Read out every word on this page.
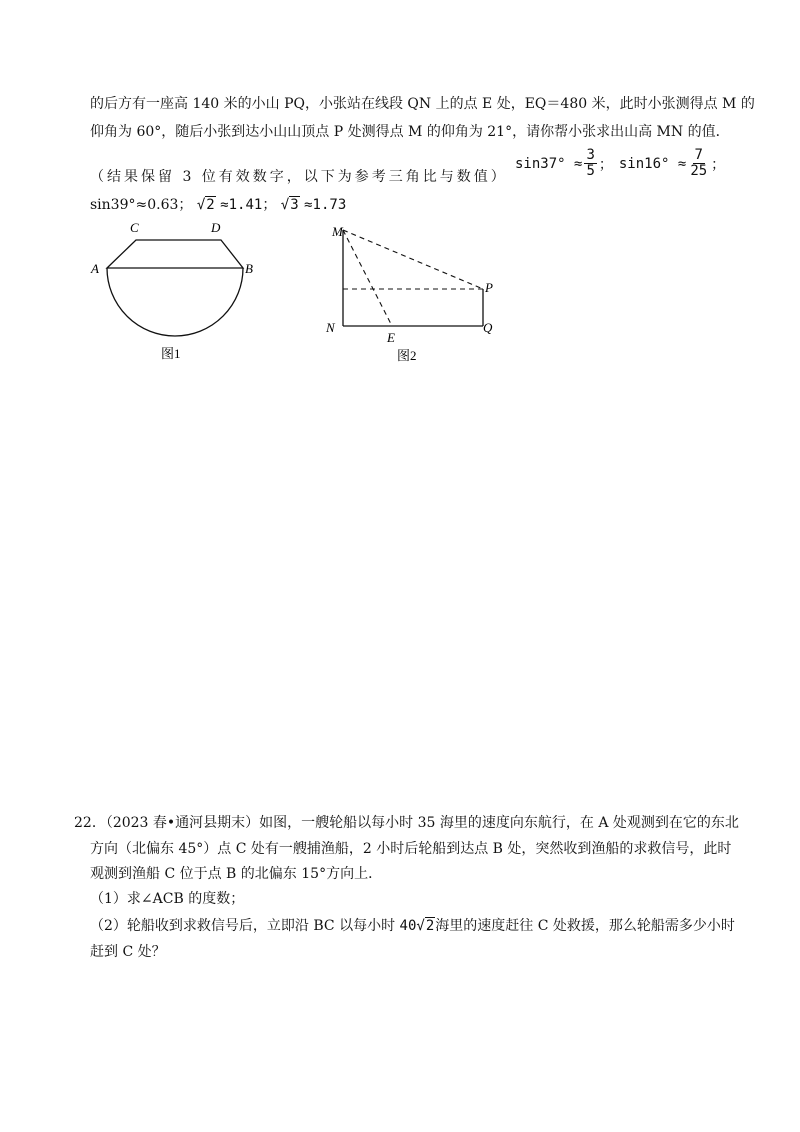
的后方有一座高 140 米的小山 PQ，小张站在线段 QN 上的点 E 处，EQ＝480 米，此时小张测得点 M 的
仰角为 60°，随后小张到达小山山顶点 P 处测得点 M 的仰角为 21°，请你帮小张求出山高 MN 的值．
（结果保留 3 位有效数字，以下为参考三角比与数值）
$\sin 37^\circ \approx \frac{3}{5}$ ； $\sin 16^\circ \approx \frac{7}{25}$ ；
sin39°≈0.63； √2 ≈1.41； √3 ≈1.73
C	D
A	B
图1
M
N
E
P
Q
图2
22．（2023 春•通河县期末）如图，一艘轮船以每小时 35 海里的速度向东航行，在 A 处观测到在它的东北
方向（北偏东 45°）点 C 处有一艘捕渔船，2 小时后轮船到达点 B 处，突然收到渔船的求救信号，此时
观测到渔船 C 位于点 B 的北偏东 15°方向上．
（1）求∠ACB 的度数；
（2）轮船收到求救信号后，立即沿 BC 以每小时 40√2海里的速度赶往 C 处救援，那么轮船需多少小时
赶到 C 处？
